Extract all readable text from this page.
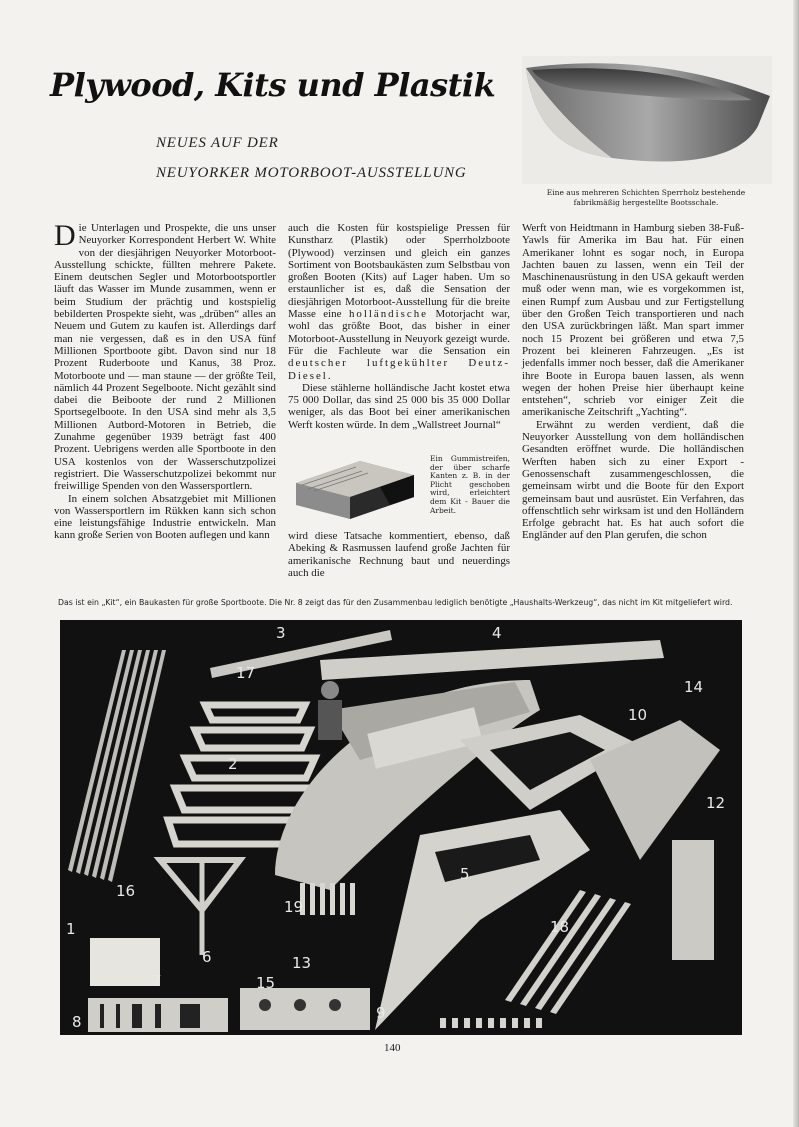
Plywood, Kits und Plastik
NEUES AUF DER
NEUYORKER MOTORBOOT-AUSSTELLUNG
Eine aus mehreren Schichten Sperrholz bestehende
fabrikmäßig hergestellte Bootsschale.

Die Unterlagen und Prospekte, die uns unser Neuyorker Korrespondent Herbert W. White von der diesjährigen Neuyorker Motorboot-Ausstellung schickte, füllten mehrere Pakete. Einem deutschen Segler und Motorbootsportler läuft das Wasser im Munde zusammen, wenn er beim Studium der prächtig und kostspielig bebilderten Prospekte sieht, was „drüben“ alles an Neuem und Gutem zu kaufen ist. Allerdings darf man nie vergessen, daß es in den USA fünf Millionen Sportboote gibt. Davon sind nur 18 Prozent Ruderboote und Kanus, 38 Proz. Motorboote und — man staune — der größte Teil, nämlich 44 Prozent Segelboote. Nicht gezählt sind dabei die Beiboote der rund 2 Millionen Sportsegelboote. In den USA sind mehr als 3,5 Millionen Autbord-Motoren in Betrieb, die Zunahme gegenüber 1939 beträgt fast 400 Prozent. Uebrigens werden alle Sportboote in den USA kostenlos von der Wasserschutzpolizei registriert. Die Wasserschutzpolizei bekommt nur freiwillige Spenden von den Wassersportlern.

In einem solchen Absatzgebiet mit Millionen von Wassersportlern im Rükken kann sich schon eine leistungsfähige Industrie entwickeln. Man kann große Serien von Booten auflegen und kann

auch die Kosten für kostspielige Pressen für Kunstharz (Plastik) oder Sperrholzboote (Plywood) verzinsen und gleich ein ganzes Sortiment von Bootsbaukästen zum Selbstbau von großen Booten (Kits) auf Lager haben. Um so erstaunlicher ist es, daß die Sensation der diesjährigen Motorboot-Ausstellung für die breite Masse eine holländische Motorjacht war, wohl das größte Boot, das bisher in einer Motorboot-Ausstellung in Neuyork gezeigt wurde. Für die Fachleute war die Sensation ein deutscher luftgekühlter Deutz-Diesel.

Diese stählerne holländische Jacht kostet etwa 75 000 Dollar, das sind 25 000 bis 35 000 Dollar weniger, als das Boot bei einer amerikanischen Werft kosten würde. In dem „Wallstreet Journal“

Ein Gummistreifen, der über scharfe Kanten z. B. in der Plicht geschoben wird, erleichtert dem Kit - Bauer die Arbeit.

wird diese Tatsache kommentiert, ebenso, daß Abeking & Rasmussen laufend große Jachten für amerikanische Rechnung baut und neuerdings auch die

Werft von Heidtmann in Hamburg sieben 38-Fuß-Yawls für Amerika im Bau hat. Für einen Amerikaner lohnt es sogar noch, in Europa Jachten bauen zu lassen, wenn ein Teil der Maschinenausrüstung in den USA gekauft werden muß oder wenn man, wie es vorgekommen ist, einen Rumpf zum Ausbau und zur Fertigstellung über den Großen Teich transportieren und nach den USA zurückbringen läßt. Man spart immer noch 15 Prozent bei größeren und etwa 7,5 Prozent bei kleineren Fahrzeugen. „Es ist jedenfalls immer noch besser, daß die Amerikaner ihre Boote in Europa bauen lassen, als wenn wegen der hohen Preise hier überhaupt keine entstehen“, schrieb vor einiger Zeit die amerikanische Zeitschrift „Yachting“.

Erwähnt zu werden verdient, daß die Neuyorker Ausstellung von dem holländischen Gesandten eröffnet wurde. Die holländischen Werften haben sich zu einer Export - Genossenschaft zusammengeschlossen, die gemeinsam wirbt und die Boote für den Export gemeinsam baut und ausrüstet. Ein Verfahren, das offenschtlich sehr wirksam ist und den Holländern Erfolge gebracht hat. Es hat auch sofort die Engländer auf den Plan gerufen, die schon

Das ist ein „Kit“, ein Baukasten für große Sportboote. Die Nr. 8 zeigt das für den Zusammenbau lediglich benötigte „Haushalts-Werkzeug“, das nicht im Kit mitgeliefert wird.
1
2
3	4
5
6
7
8	9
10
12
13
14
15
16
17
18
19
140
